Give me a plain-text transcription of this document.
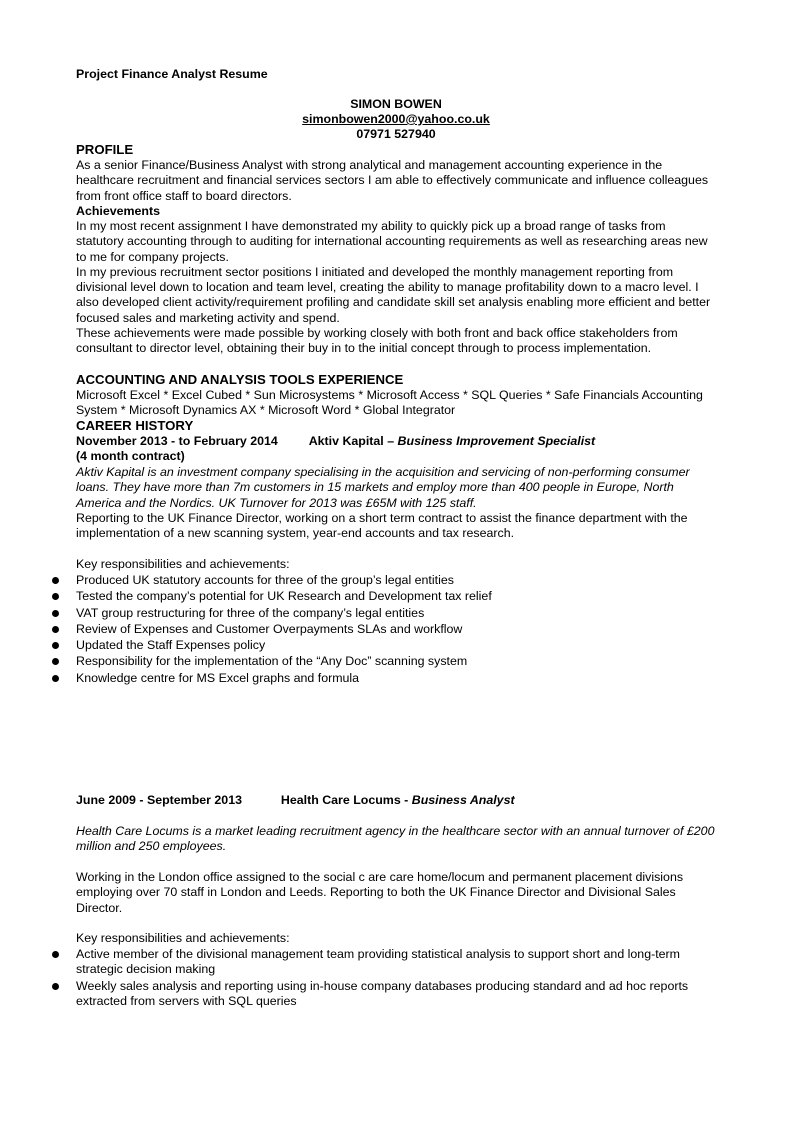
Project Finance Analyst Resume
SIMON BOWEN
simonbowen2000@yahoo.co.uk
07971 527940
PROFILE
As a senior Finance/Business Analyst with strong analytical and management accounting experience in the healthcare recruitment and financial services sectors I am able to effectively communicate and influence colleagues from front office staff to board directors.
Achievements
In my most recent assignment I have demonstrated my ability to quickly pick up a broad range of tasks from statutory accounting through to auditing for international accounting requirements as well as researching areas new to me for company projects.
In my previous recruitment sector positions I initiated and developed the monthly management reporting from divisional level down to location and team level, creating the ability to manage profitability down to a macro level. I also developed client activity/requirement profiling and candidate skill set analysis enabling more efficient and better focused sales and marketing activity and spend.
These achievements were made possible by working closely with both front and back office stakeholders from consultant to director level, obtaining their buy in to the initial concept through to process implementation.
ACCOUNTING AND ANALYSIS TOOLS EXPERIENCE
Microsoft Excel * Excel Cubed * Sun Microsystems * Microsoft Access * SQL Queries * Safe Financials Accounting System * Microsoft Dynamics AX * Microsoft Word * Global Integrator
CAREER HISTORY
November 2013 - to February 2014 Aktiv Kapital – Business Improvement Specialist
(4 month contract)
Aktiv Kapital is an investment company specialising in the acquisition and servicing of non-performing consumer loans. They have more than 7m customers in 15 markets and employ more than 400 people in Europe, North America and the Nordics. UK Turnover for 2013 was £65M with 125 staff.
Reporting to the UK Finance Director, working on a short term contract to assist the finance department with the implementation of a new scanning system, year-end accounts and tax research.
Key responsibilities and achievements:
Produced UK statutory accounts for three of the group’s legal entities
Tested the company’s potential for UK Research and Development tax relief
VAT group restructuring for three of the company’s legal entities
Review of Expenses and Customer Overpayments SLAs and workflow
Updated the Staff Expenses policy
Responsibility for the implementation of the “Any Doc” scanning system
Knowledge centre for MS Excel graphs and formula
June 2009 - September 2013	Health Care Locums - Business Analyst
Health Care Locums is a market leading recruitment agency in the healthcare sector with an annual turnover of £200 million and 250 employees.
Working in the London office assigned to the social c are care home/locum and permanent placement divisions employing over 70 staff in London and Leeds. Reporting to both the UK Finance Director and Divisional Sales Director.
Key responsibilities and achievements:
Active member of the divisional management team providing statistical analysis to support short and long-term strategic decision making
Weekly sales analysis and reporting using in-house company databases producing standard and ad hoc reports extracted from servers with SQL queries
